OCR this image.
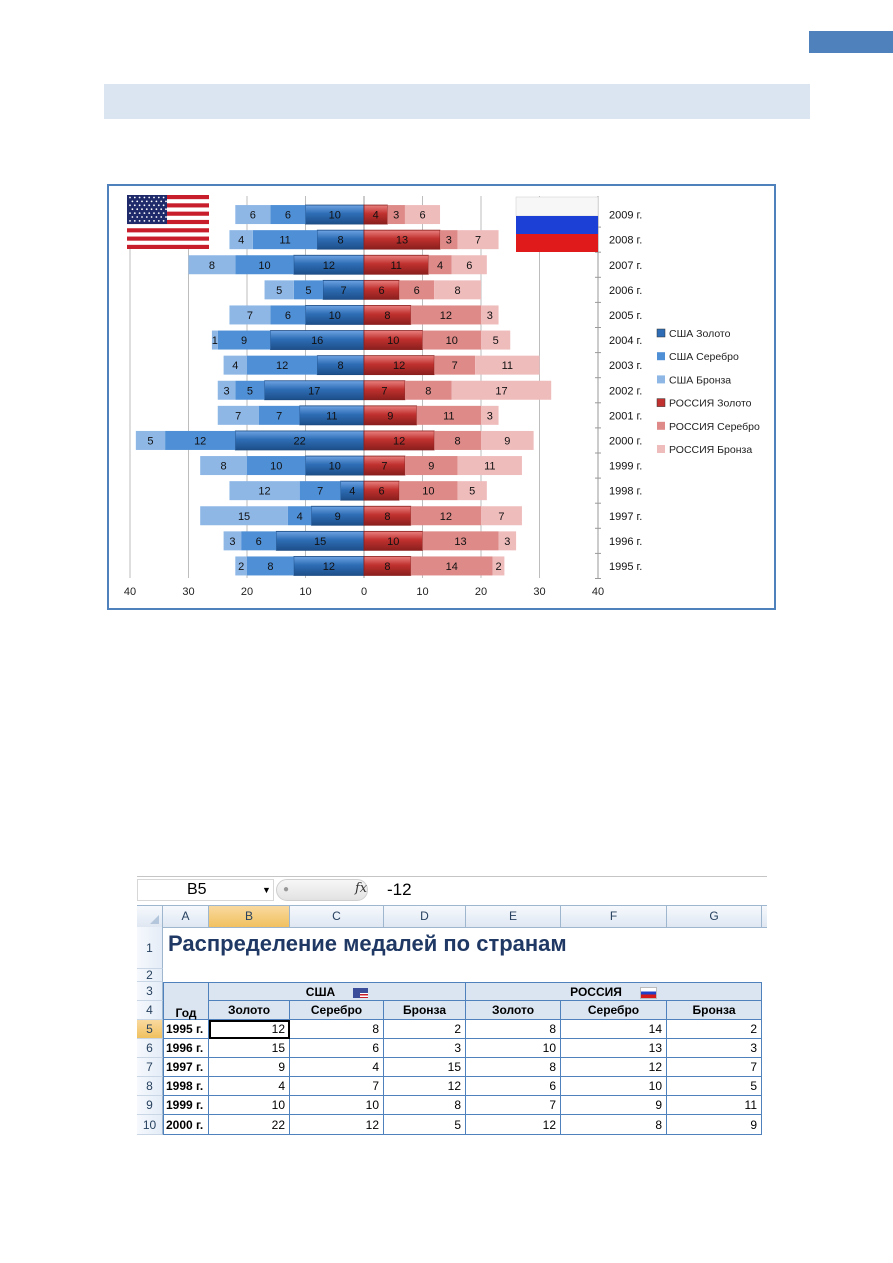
10
6
6	4 3 6
8
11
4	13	3 7
12
10
8	11	4 6
7
5
5	6	6	8
10
6
7	8	12	3
16
9
1	10	10	5
8
12
4	12	7	11
17
5
3	7	8	17
11
7
7	9	11	3
22
12
5	12	8	9
10
10
8	7	9	11
4
7
12	6	10	5
9
4
15	8	12	7
15
6
3	10	13	3
12
8
2	8	14	2
2009 г.
2008 г.
2007 г.
2006 г.
2005 г.
2004 г.
2003 г.
2002 г.
2001 г.
2000 г.
1999 г.
1998 г.
1997 г.
1996 г.
1995 г.
40	30	20	10	0	10	20	30	40
США Золото
США Серебро
США Бронза
РОССИЯ Золото
РОССИЯ Серебро
РОССИЯ Бронза
B5	▼ ●	fx -12
A	B	C	D	E	F	G
1
2
3
4
5
6
7
8
9
10
Распределение медалей по странам
Год
США	РОССИЯ
Золото	Серебро	Бронза	Золото	Серебро	Бронза
1995 г.	12	8	2	8	14	2
1996 г.	15	6	3	10	13	3
1997 г.	9	4	15	8	12	7
1998 г.	4	7	12	6	10	5
1999 г.	10	10	8	7	9	11
2000 г.	22	12	5	12	8	9
